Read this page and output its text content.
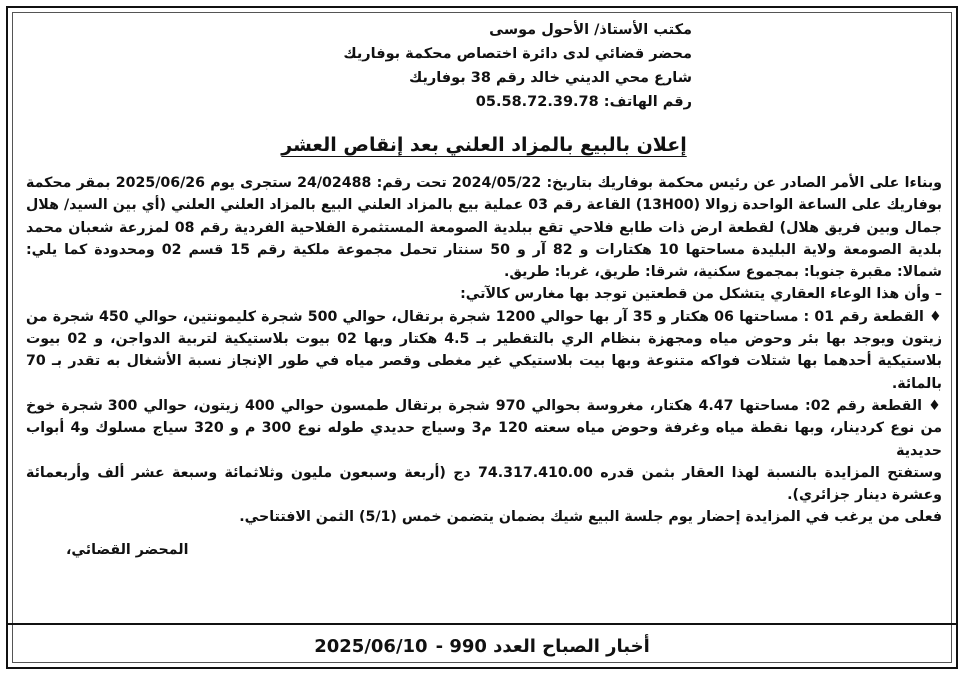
مكتب الأستاذ/ الأحول موسى
محضر قضائي لدى دائرة اختصاص محكمة بوفاريك
شارع محي الديني خالد رقم 38 بوفاريك
رقم الهاتف: 05.58.72.39.78
إعلان بالبيع بالمزاد العلني بعد إنقاص العشر

وبناءا على الأمر الصادر عن رئيس محكمة بوفاريك بتاريخ: 2024/05/22 تحت رقم: 24/02488 ستجرى يوم 2025/06/26 بمقر محكمة بوفاريك على الساعة الواحدة زوالا (13H00) القاعة رقم 03 عملية بيع بالمزاد العلني البيع بالمزاد العلني العلني (أي بين السيد/ هلال جمال وبين فريق هلال) لقطعة ارض ذات طابع فلاحي تقع ببلدية الصومعة المستثمرة الفلاحية الفردية رقم 08 لمزرعة شعبان محمد بلدية الصومعة ولاية البليدة مساحتها 10 هكتارات و 82 آر و 50 سنتار تحمل مجموعة ملكية رقم 15 قسم 02 ومحدودة كما يلي: شمالا: مقبرة جنوبا: بمجموع سكنية، شرقا: طريق، غربا: طريق.

– وأن هذا الوعاء العقاري يتشكل من قطعتين توجد بها مغارس كالآتي:

♦ القطعة رقم 01 : مساحتها 06 هكتار و 35 آر بها حوالي 1200 شجرة برتقال، حوالي 500 شجرة كليمونتين، حوالي 450 شجرة من زيتون ويوجد بها بئر وحوض مياه ومجهزة بنظام الري بالتقطير بـ 4.5 هكتار وبها 02 بيوت بلاستيكية لتربية الدواجن، و 02 بيوت بلاستيكية أحدهما بها شتلات فواكه متنوعة وبها بيت بلاستيكي غير مغطى وقصر مياه في طور الإنجاز نسبة الأشغال به تقدر بـ 70 بالمائة.

♦ القطعة رقم 02: مساحتها 4.47 هكتار، مغروسة بحوالي 970 شجرة برتقال طمسون حوالي 400 زيتون، حوالي 300 شجرة خوخ من نوع كردينار، وبها نقطة مياه وغرفة وحوض مياه سعته 120 م3 وسياج حديدي طوله نوع 300 م و 320 سياج مسلوك و4 أبواب حديدية

وستفتح المزايدة بالنسبة لهذا العقار بثمن قدره 74.317.410.00 دج (أربعة وسبعون مليون وثلاثمائة وسبعة عشر ألف وأربعمائة وعشرة دينار جزائري).

فعلى من يرغب في المزايدة إحضار يوم جلسة البيع شيك بضمان يتضمن خمس (5/1) الثمن الافتتاحي.

المحضر القضائي،

أخبار الصباح العدد 990 -
2025/06/10
